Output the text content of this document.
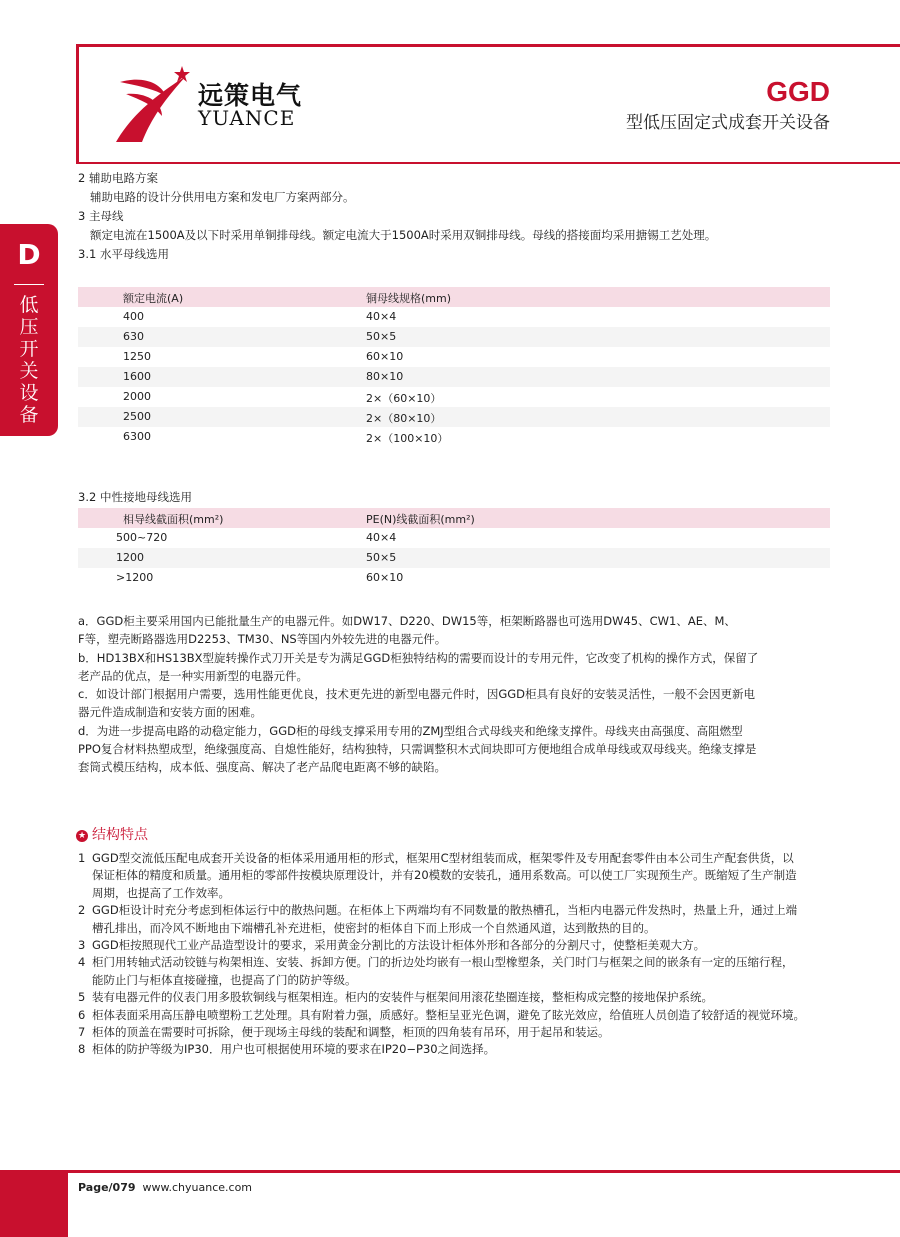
远策电气
YUANCE
GGD
型低压固定式成套开关设备
D
低
压
开
关
设
备
2 辅助电路方案
辅助电路的设计分供用电方案和发电厂方案两部分。
3 主母线
额定电流在1500A及以下时采用单铜排母线。额定电流大于1500A时采用双铜排母线。母线的搭接面均采用搪锡工艺处理。
3.1 水平母线选用
额定电流(A)	铜母线规格(mm)
400	40×4
630	50×5
1250	60×10
1600	80×10
2000	2×（60×10）
2500	2×（80×10）
6300	2×（100×10）
3.2 中性接地母线选用
相导线截面积(mm²)	PE(N)线截面积(mm²)
500~720	40×4
1200	50×5
>1200	60×10
a．GGD柜主要采用国内已能批量生产的电器元件。如DW17、D220、DW15等，柜架断路器也可选用DW45、CW1、AE、M、
F等，塑壳断路器选用D2253、TM30、NS等国内外较先进的电器元件。
b．HD13BX和HS13BX型旋转操作式刀开关是专为满足GGD柜独特结构的需要而设计的专用元件，它改变了机构的操作方式，保留了
老产品的优点，是一种实用新型的电器元件。
c．如设计部门根据用户需要，选用性能更优良，技术更先进的新型电器元件时，因GGD柜具有良好的安装灵活性，一般不会因更新电
器元件造成制造和安装方面的困难。
d．为进一步提高电路的动稳定能力，GGD柜的母线支撑采用专用的ZMJ型组合式母线夹和绝缘支撑件。母线夹由高强度、高阻燃型
PPO复合材料热塑成型，绝缘强度高、自熄性能好，结构独特，只需调整积木式间块即可方便地组合成单母线或双母线夹。绝缘支撑是
套筒式模压结构，成本低、强度高、解决了老产品爬电距离不够的缺陷。
★ 结构特点
1 GGD型交流低压配电成套开关设备的柜体采用通用柜的形式，框架用C型材组装而成，框架零件及专用配套零件由本公司生产配套供货，以
保证柜体的精度和质量。通用柜的零部件按模块原理设计，并有20模数的安装孔，通用系数高。可以使工厂实现预生产。既缩短了生产制造
周期，也提高了工作效率。
2 GGD柜设计时充分考虑到柜体运行中的散热问题。在柜体上下两端均有不同数量的散热槽孔，当柜内电器元件发热时，热量上升，通过上端
槽孔排出，而冷风不断地由下端槽孔补充进柜，使密封的柜体自下而上形成一个自然通风道，达到散热的目的。
3 GGD柜按照现代工业产品造型设计的要求，采用黄金分割比的方法设计柜体外形和各部分的分割尺寸，使整柜美观大方。
4 柜门用转轴式活动铰链与构架相连、安装、拆卸方便。门的折边处均嵌有一根山型橡塑条，关门时门与框架之间的嵌条有一定的压缩行程，
能防止门与柜体直接碰撞，也提高了门的防护等级。
5 装有电器元件的仪表门用多股软铜线与框架相连。柜内的安装件与框架间用滚花垫圈连接，整柜构成完整的接地保护系统。
6 柜体表面采用高压静电喷塑粉工艺处理。具有附着力强，质感好。整柜呈亚光色调，避免了眩光效应，给值班人员创造了较舒适的视觉环境。
7 柜体的顶盖在需要时可拆除，便于现场主母线的装配和调整，柜顶的四角装有吊环，用于起吊和装运。
8 柜体的防护等级为IP30．用户也可根据使用环境的要求在IP20−P30之间选择。
Page/079 www.chyuance.com
